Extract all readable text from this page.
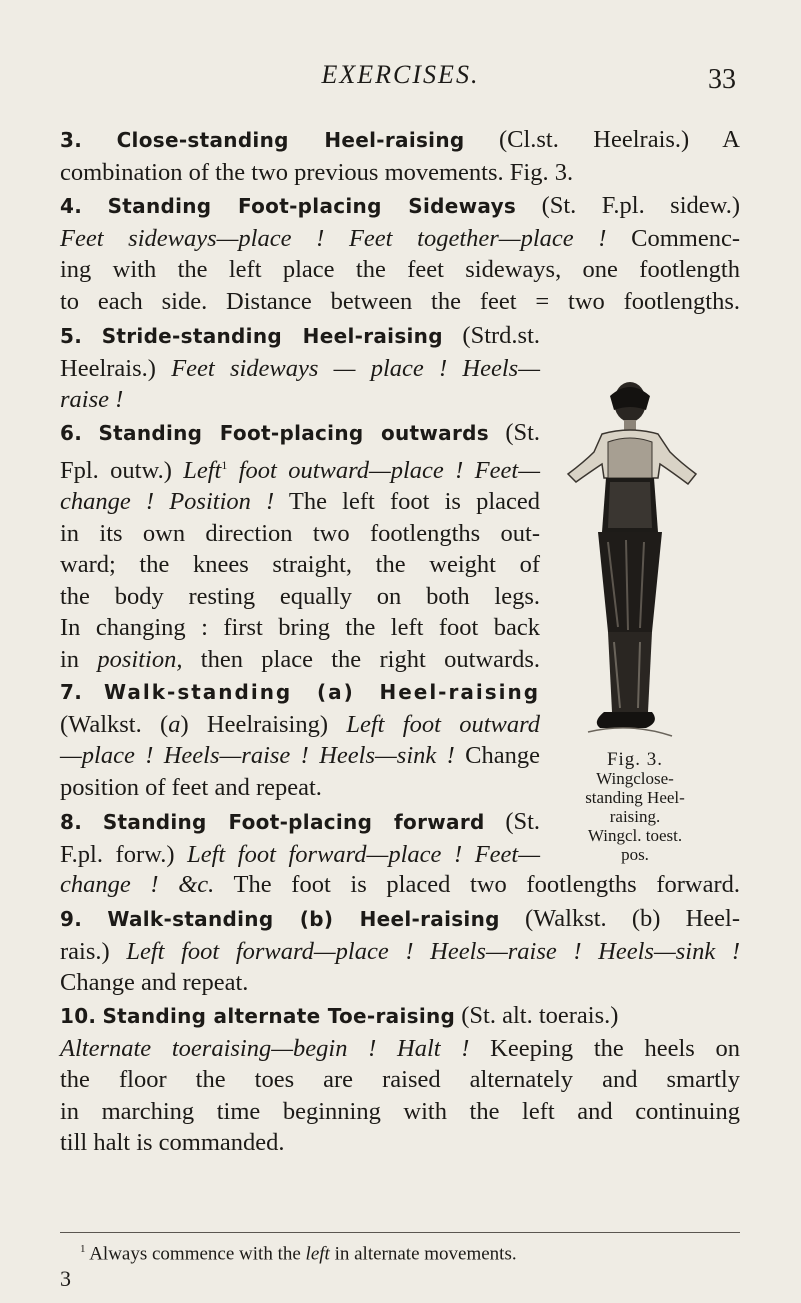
EXERCISES.	33
3. Close-standing Heel-raising (Cl.st. Heelrais.) A
combination of the two previous movements. Fig. 3.
4. Standing Foot-placing Sideways (St. F.pl. sidew.)
Feet sideways—place ! Feet together—place ! Commenc-
ing with the left place the feet sideways, one footlength
to each side. Distance between the feet = two footlengths.
5. Stride-standing Heel-raising (Strd.st.
Heelrais.) Feet sideways — place ! Heels—
raise !
6. Standing Foot-placing outwards (St.
Fpl. outw.) Left$^1$ foot outward—place ! Feet—
change ! Position ! The left foot is placed
in its own direction two footlengths out-
ward; the knees straight, the weight of
the body resting equally on both legs.
In changing : first bring the left foot back
in position, then place the right outwards.
7. Walk-standing (a) Heel-raising
(Walkst. (a) Heelraising) Left foot outward
—place ! Heels—raise ! Heels—sink ! Change
position of feet and repeat.
8. Standing Foot-placing forward (St.
F.pl. forw.) Left foot forward—place ! Feet—
change ! &c. The foot is placed two footlengths forward.
9. Walk-standing (b) Heel-raising (Walkst. (b) Heel-
rais.) Left foot forward—place ! Heels—raise ! Heels—sink !
Change and repeat.
10. Standing alternate Toe-raising (St. alt. toerais.)
Alternate toeraising—begin ! Halt ! Keeping the heels on
the floor the toes are raised alternately and smartly
in marching time beginning with the left and continuing
till halt is commanded.
Fig. 3.
Wingclose-
standing Heel-
raising.
Wingcl. toest.
pos.
$^1$ Always commence with the left in alternate movements.
3
